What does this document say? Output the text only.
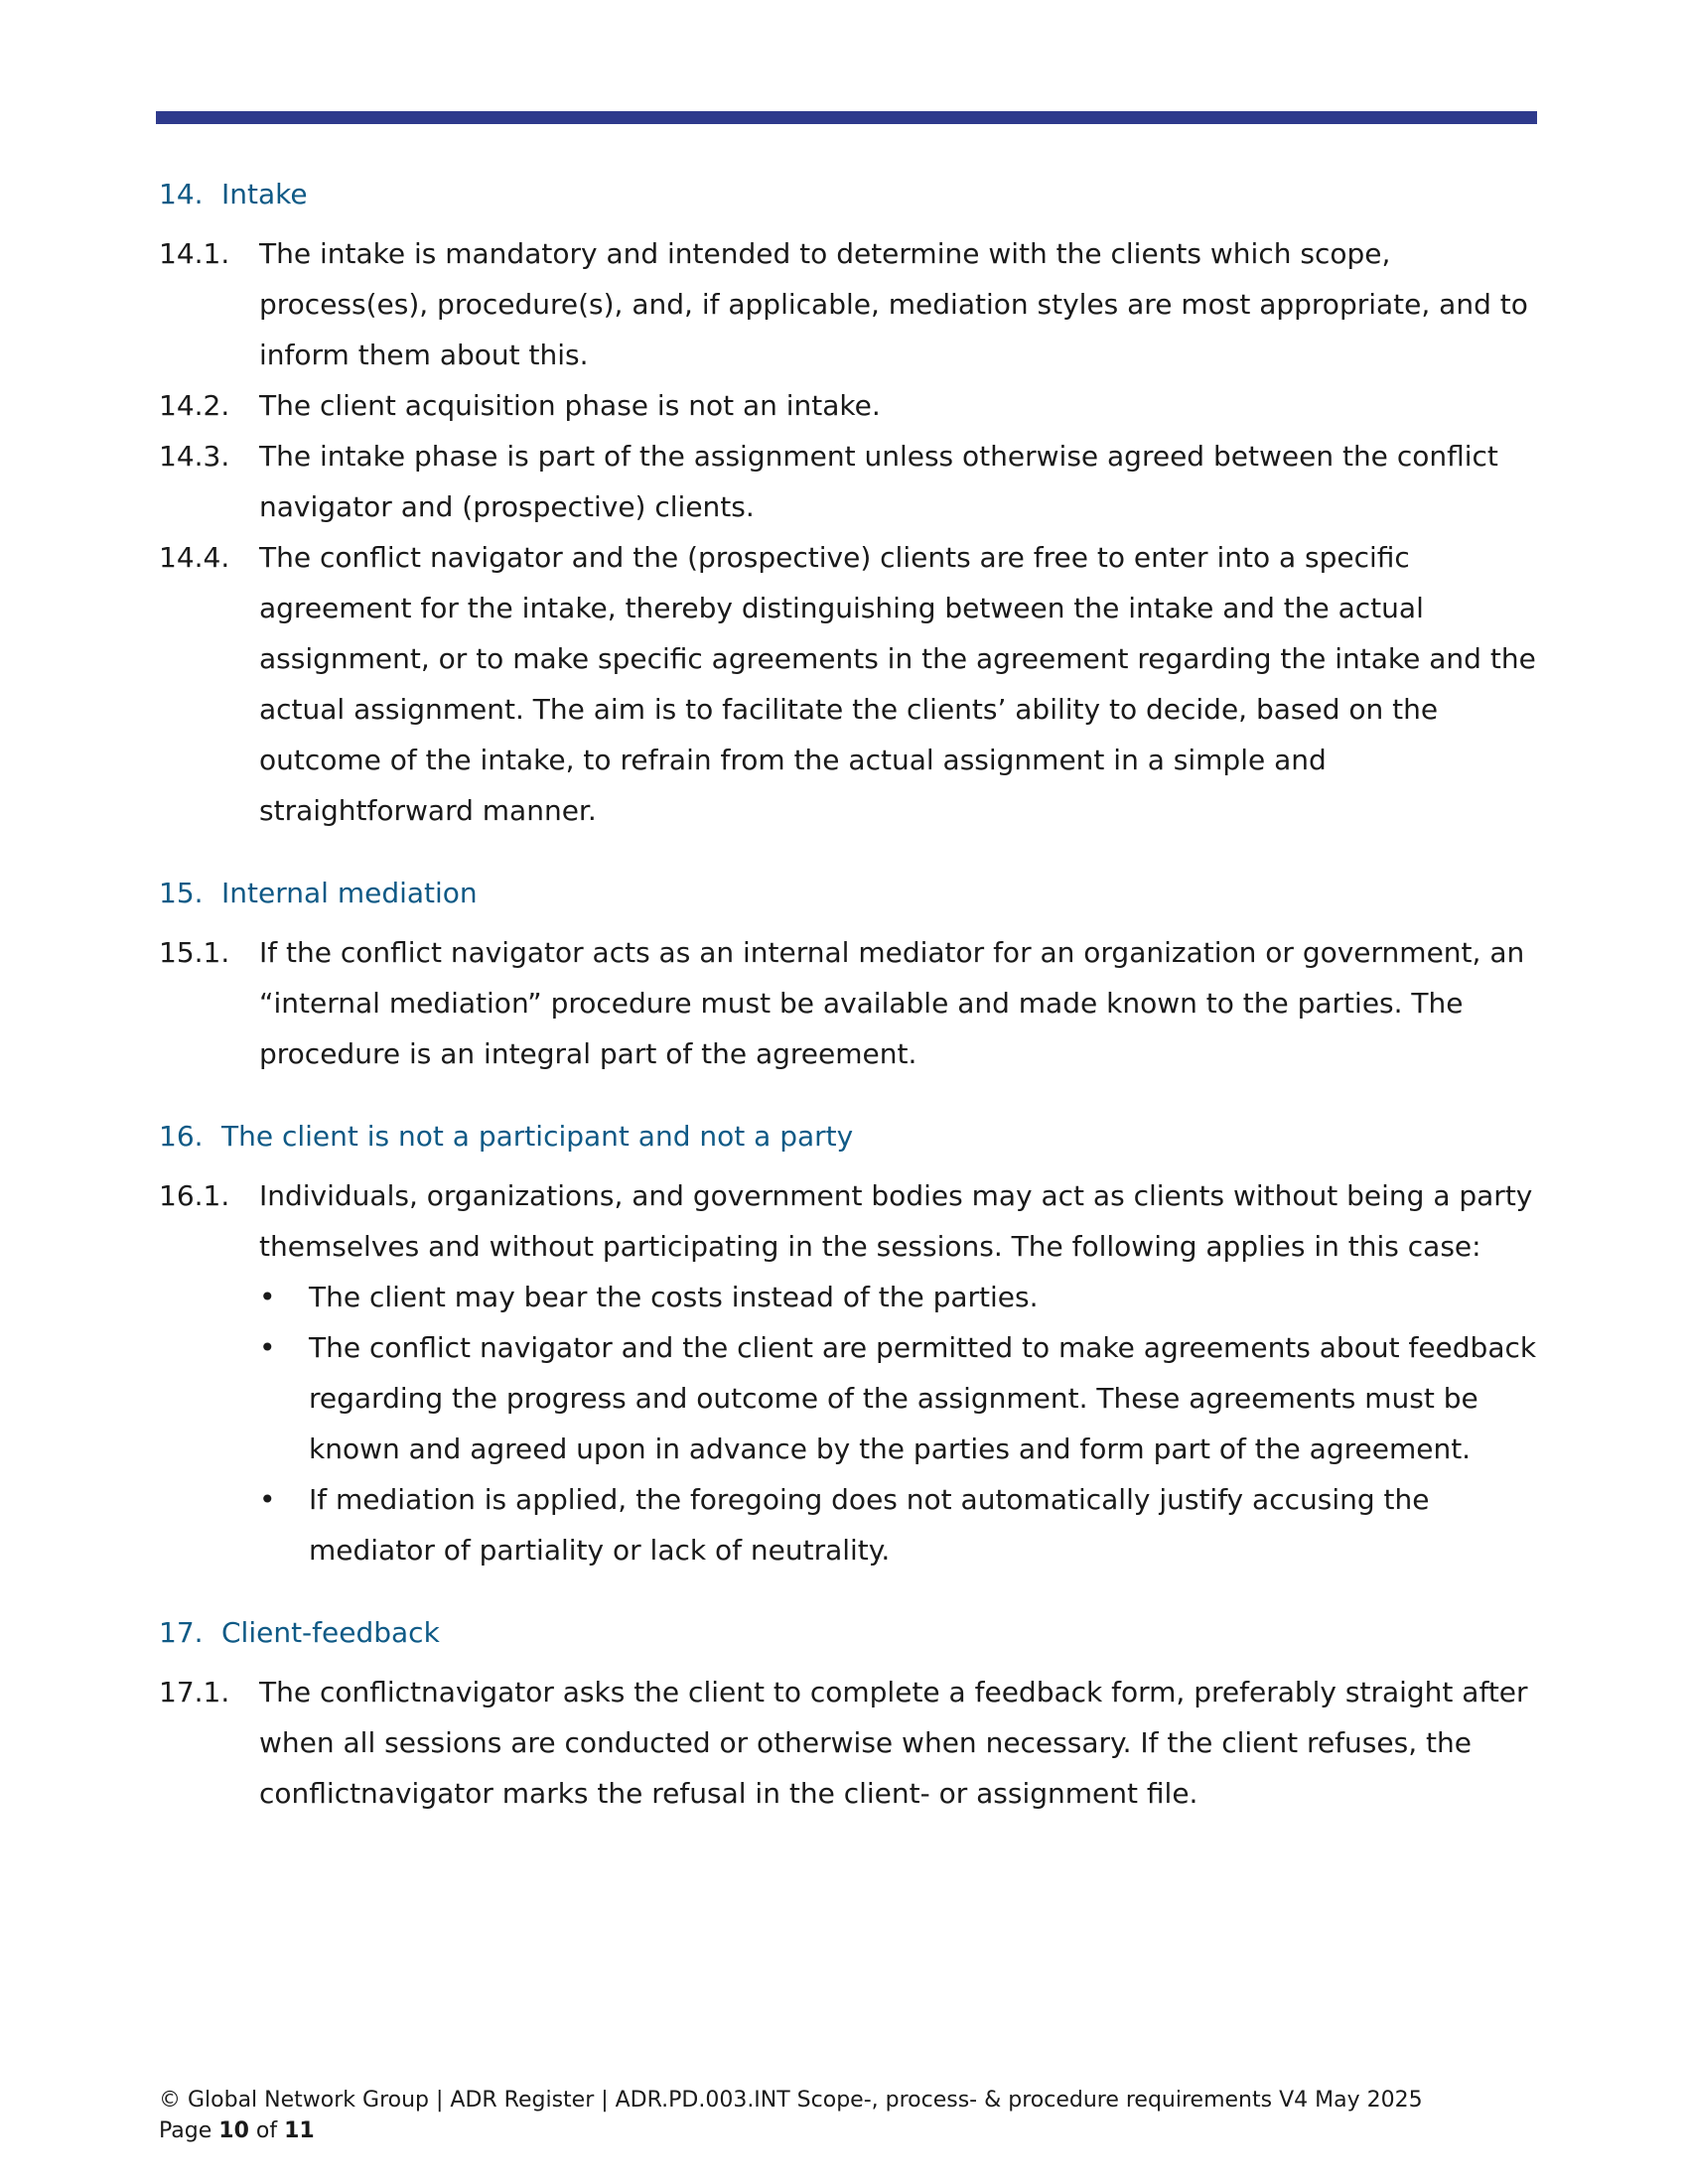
14. Intake
14.1. The intake is mandatory and intended to determine with the clients which scope, process(es), procedure(s), and, if applicable, mediation styles are most appropriate, and to inform them about this.
14.2. The client acquisition phase is not an intake.
14.3. The intake phase is part of the assignment unless otherwise agreed between the conflict navigator and (prospective) clients.
14.4. The conflict navigator and the (prospective) clients are free to enter into a specific agreement for the intake, thereby distinguishing between the intake and the actual assignment, or to make specific agreements in the agreement regarding the intake and the actual assignment. The aim is to facilitate the clients’ ability to decide, based on the outcome of the intake, to refrain from the actual assignment in a simple and straightforward manner.
15. Internal mediation
15.1. If the conflict navigator acts as an internal mediator for an organization or government, an “internal mediation” procedure must be available and made known to the parties. The procedure is an integral part of the agreement.
16. The client is not a participant and not a party
16.1. Individuals, organizations, and government bodies may act as clients without being a party themselves and without participating in the sessions. The following applies in this case:
• The client may bear the costs instead of the parties.
• The conflict navigator and the client are permitted to make agreements about feedback regarding the progress and outcome of the assignment. These agreements must be known and agreed upon in advance by the parties and form part of the agreement.
• If mediation is applied, the foregoing does not automatically justify accusing the mediator of partiality or lack of neutrality.
17. Client-feedback
17.1. The conflictnavigator asks the client to complete a feedback form, preferably straight after when all sessions are conducted or otherwise when necessary. If the client refuses, the conflictnavigator marks the refusal in the client- or assignment file.
© Global Network Group | ADR Register | ADR.PD.003.INT Scope-, process- & procedure requirements V4 May 2025
Page 10 of 11
